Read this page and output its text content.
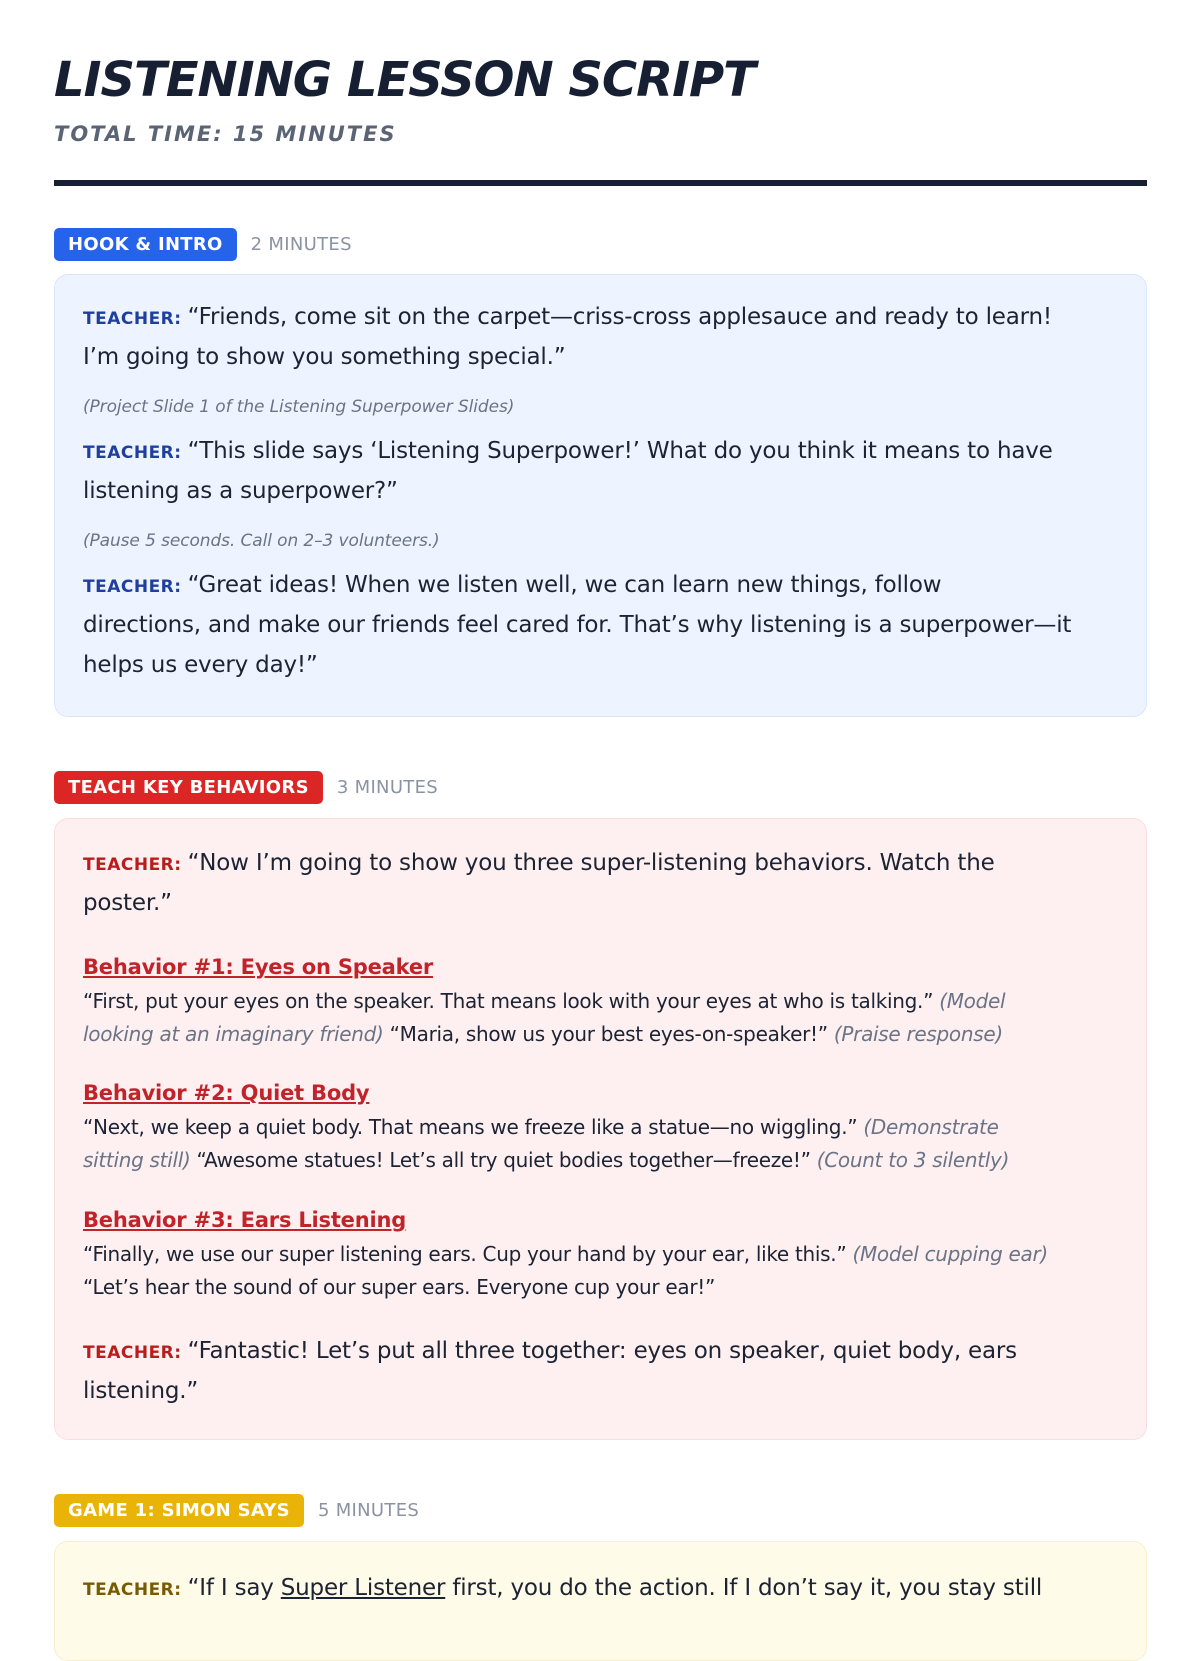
LISTENING LESSON SCRIPT
TOTAL TIME: 15 MINUTES
HOOK & INTRO	2 MINUTES
TEACHER: “Friends, come sit on the carpet—criss-cross applesauce and ready to learn!
I’m going to show you something special.”
(Project Slide 1 of the Listening Superpower Slides)
TEACHER: “This slide says ‘Listening Superpower!’ What do you think it means to have
listening as a superpower?”
(Pause 5 seconds. Call on 2–3 volunteers.)
TEACHER: “Great ideas! When we listen well, we can learn new things, follow
directions, and make our friends feel cared for. That’s why listening is a superpower—it
helps us every day!”
TEACH KEY BEHAVIORS	3 MINUTES
TEACHER: “Now I’m going to show you three super-listening behaviors. Watch the
poster.”
Behavior #1: Eyes on Speaker
“First, put your eyes on the speaker. That means look with your eyes at who is talking.” (Model
looking at an imaginary friend) “Maria, show us your best eyes-on-speaker!” (Praise response)
Behavior #2: Quiet Body
“Next, we keep a quiet body. That means we freeze like a statue—no wiggling.” (Demonstrate
sitting still) “Awesome statues! Let’s all try quiet bodies together—freeze!” (Count to 3 silently)
Behavior #3: Ears Listening
“Finally, we use our super listening ears. Cup your hand by your ear, like this.” (Model cupping ear)
“Let’s hear the sound of our super ears. Everyone cup your ear!”
TEACHER: “Fantastic! Let’s put all three together: eyes on speaker, quiet body, ears
listening.”
GAME 1: SIMON SAYS	5 MINUTES
TEACHER: “If I say Super Listener first, you do the action. If I don’t say it, you stay still
